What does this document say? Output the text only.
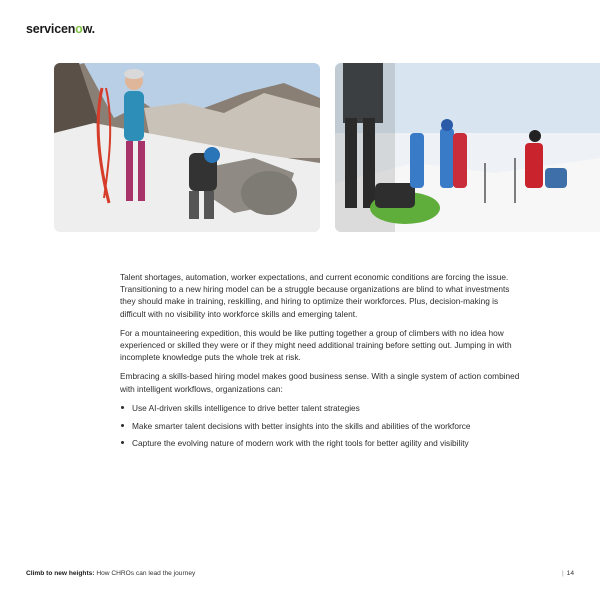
servicenow.

Talent shortages, automation, worker expectations, and current economic conditions are forcing the issue. Transitioning to a new hiring model can be a struggle because organizations are blind to what investments they should make in training, reskilling, and hiring to optimize their workforces. Plus, decision-making is difficult with no visibility into workforce skills and emerging talent.

For a mountaineering expedition, this would be like putting together a group of climbers with no idea how experienced or skilled they were or if they might need additional training before setting out. Jumping in with incomplete knowledge puts the whole trek at risk.

Embracing a skills-based hiring model makes good business sense. With a single system of action combined with intelligent workflows, organizations can:

Use AI-driven skills intelligence to drive better talent strategies
Make smarter talent decisions with better insights into the skills and abilities of the workforce
Capture the evolving nature of modern work with the right tools for better agility and visibility
Climb to new heights: How CHROs can lead the journey	| 14
